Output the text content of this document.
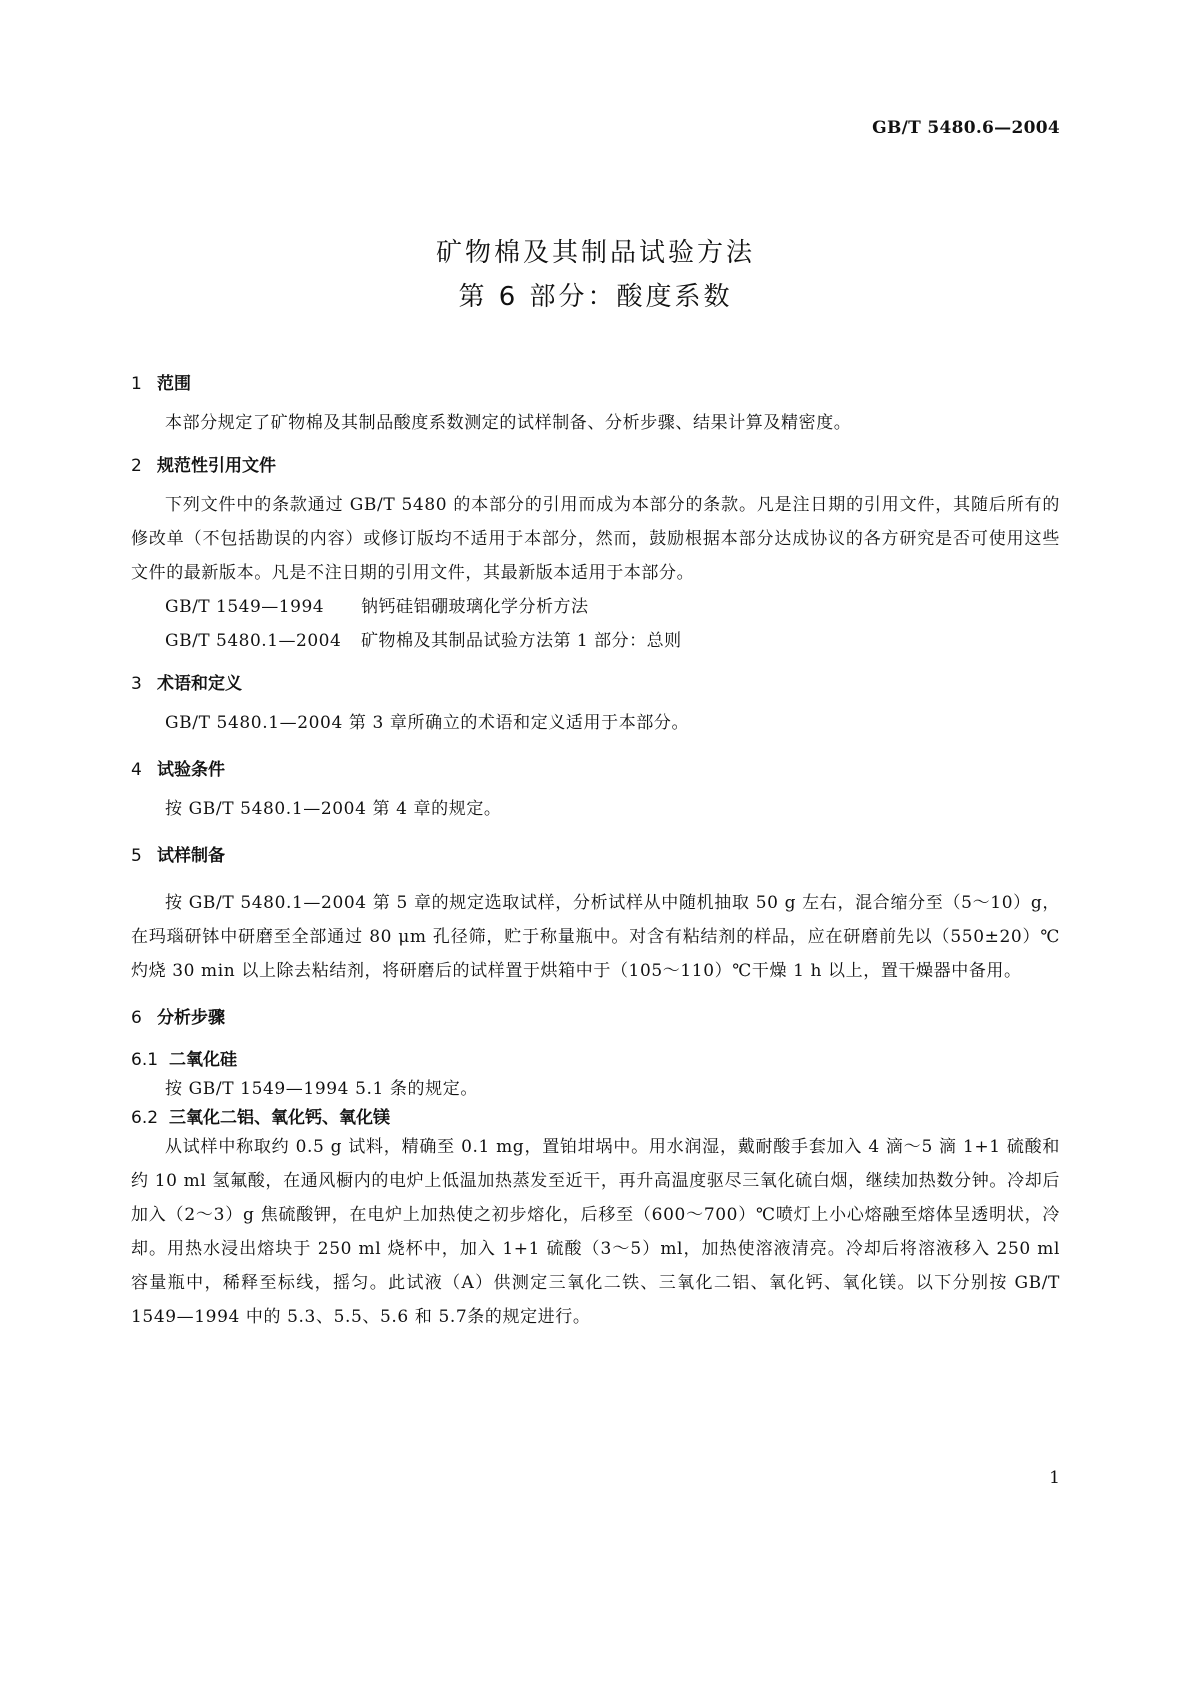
GB/T 5480.6—2004
矿物棉及其制品试验方法
第 6 部分：酸度系数
1 范围

本部分规定了矿物棉及其制品酸度系数测定的试样制备、分析步骤、结果计算及精密度。

2 规范性引用文件

下列文件中的条款通过 GB/T 5480 的本部分的引用而成为本部分的条款。凡是注日期的引用文件，其随后所有的修改单（不包括勘误的内容）或修订版均不适用于本部分，然而，鼓励根据本部分达成协议的各方研究是否可使用这些文件的最新版本。凡是不注日期的引用文件，其最新版本适用于本部分。

GB/T 1549—1994 钠钙硅铝硼玻璃化学分析方法
GB/T 5480.1—2004 矿物棉及其制品试验方法第 1 部分：总则
3 术语和定义

GB/T 5480.1—2004 第 3 章所确立的术语和定义适用于本部分。

4 试验条件

按 GB/T 5480.1—2004 第 4 章的规定。

5 试样制备

按 GB/T 5480.1—2004 第 5 章的规定选取试样，分析试样从中随机抽取 50 g 左右，混合缩分至（5～10）g，在玛瑙研钵中研磨至全部通过 80 μm 孔径筛，贮于称量瓶中。对含有粘结剂的样品，应在研磨前先以（550±20）℃灼烧 30 min 以上除去粘结剂，将研磨后的试样置于烘箱中于（105～110）℃干燥 1 h 以上，置干燥器中备用。

6 分析步骤
6.1 二氧化硅

按 GB/T 1549—1994 5.1 条的规定。

6.2 三氧化二铝、氧化钙、氧化镁

从试样中称取约 0.5 g 试料，精确至 0.1 mg，置铂坩埚中。用水润湿，戴耐酸手套加入 4 滴～5 滴 1+1 硫酸和约 10 ml 氢氟酸，在通风橱内的电炉上低温加热蒸发至近干，再升高温度驱尽三氧化硫白烟，继续加热数分钟。冷却后加入（2～3）g 焦硫酸钾，在电炉上加热使之初步熔化，后移至（600～700）℃喷灯上小心熔融至熔体呈透明状，冷却。用热水浸出熔块于 250 ml 烧杯中，加入 1+1 硫酸（3～5）ml，加热使溶液清亮。冷却后将溶液移入 250 ml 容量瓶中，稀释至标线，摇匀。此试液（A）供测定三氧化二铁、三氧化二铝、氧化钙、氧化镁。以下分别按 GB/T 1549—1994 中的 5.3、5.5、5.6 和 5.7条的规定进行。

1
